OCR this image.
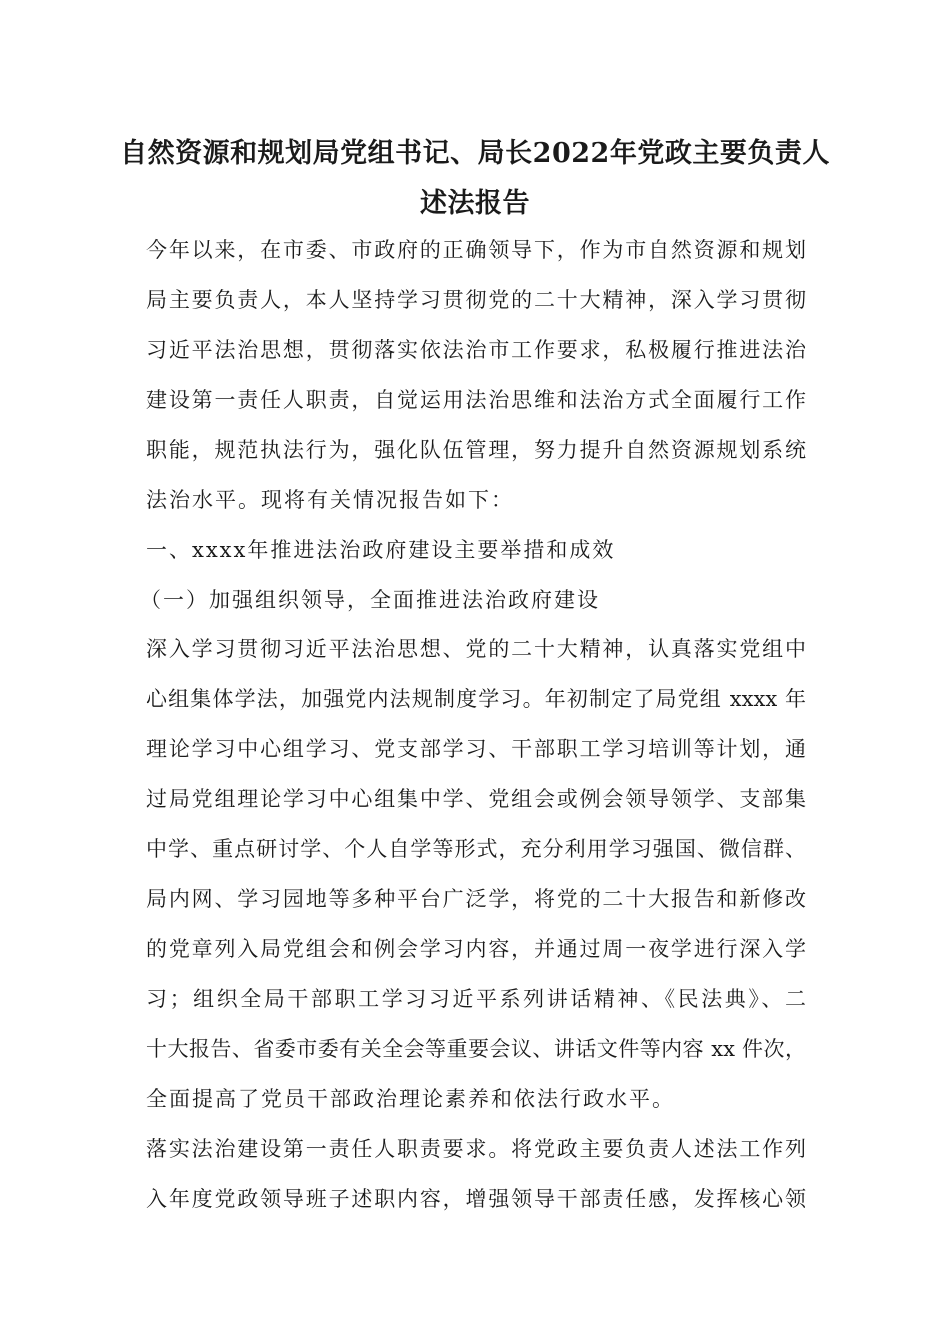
自然资源和规划局党组书记、局长2022年党政主要负责人
述法报告
今年以来，在市委、市政府的正确领导下，作为市自然资源和规划
局主要负责人，本人坚持学习贯彻党的二十大精神，深入学习贯彻
习近平法治思想，贯彻落实依法治市工作要求，私极履行推进法治
建设第一责任人职责，自觉运用法治思维和法治方式全面履行工作
职能，规范执法行为，强化队伍管理，努力提升自然资源规划系统
法治水平。现将有关情况报告如下：
一、xxxx年推进法治政府建设主要举措和成效
（一）加强组织领导，全面推进法治政府建设
深入学习贯彻习近平法治思想、党的二十大精神，认真落实党组中
心组集体学法，加强党内法规制度学习。年初制定了局党组 xxxx 年
理论学习中心组学习、党支部学习、干部职工学习培训等计划，通
过局党组理论学习中心组集中学、党组会或例会领导领学、支部集
中学、重点研讨学、个人自学等形式，充分利用学习强国、微信群、
局内网、学习园地等多种平台广泛学，将党的二十大报告和新修改
的党章列入局党组会和例会学习内容，并通过周一夜学进行深入学
习；组织全局干部职工学习习近平系列讲话精神、《民法典》、二
十大报告、省委市委有关全会等重要会议、讲话文件等内容 xx 件次，
全面提高了党员干部政治理论素养和依法行政水平。
落实法治建设第一责任人职责要求。将党政主要负责人述法工作列
入年度党政领导班子述职内容，增强领导干部责任感，发挥核心领
